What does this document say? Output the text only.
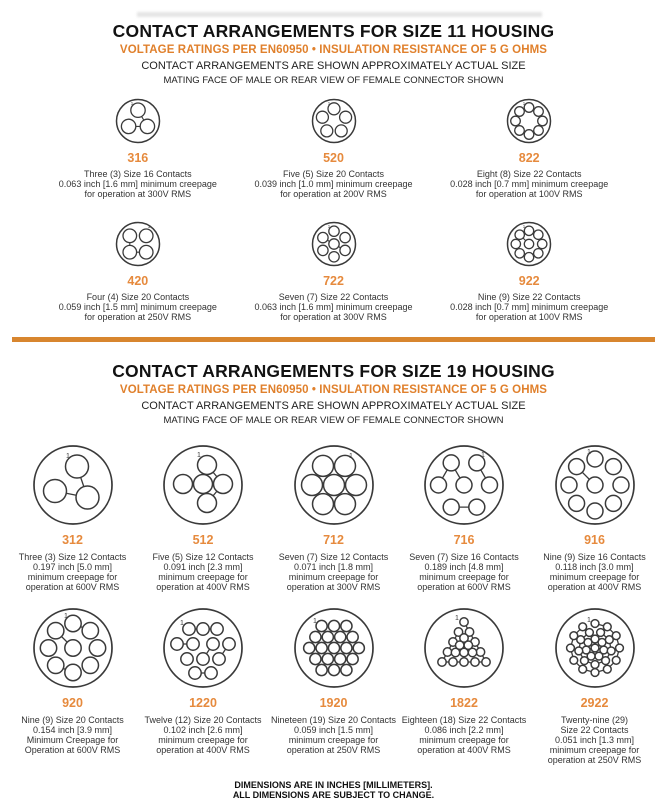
CONTACT ARRANGEMENTS FOR SIZE 11 HOUSING
VOLTAGE RATINGS PER EN60950 • INSULATION RESISTANCE OF 5 G OHMS
CONTACT ARRANGEMENTS ARE SHOWN APPROXIMATELY ACTUAL SIZE
MATING FACE OF MALE OR REAR VIEW OF FEMALE CONNECTOR SHOWN
1
316
Three (3) Size 16 Contacts
0.063 inch [1.6 mm] minimum creepage
for operation at 300V RMS
1
520
Five (5) Size 20 Contacts
0.039 inch [1.0 mm] minimum creepage
for operation at 200V RMS
1
822
Eight (8) Size 22 Contacts
0.028 inch [0.7 mm] minimum creepage
for operation at 100V RMS
1
420
Four (4) Size 20 Contacts
0.059 inch [1.5 mm] minimum creepage
for operation at 250V RMS
1
722
Seven (7) Size 22 Contacts
0.063 inch [1.6 mm] minimum creepage
for operation at 300V RMS
1
922
Nine (9) Size 22 Contacts
0.028 inch [0.7 mm] minimum creepage
for operation at 100V RMS
CONTACT ARRANGEMENTS FOR SIZE 19 HOUSING
VOLTAGE RATINGS PER EN60950 • INSULATION RESISTANCE OF 5 G OHMS
CONTACT ARRANGEMENTS ARE SHOWN APPROXIMATELY ACTUAL SIZE
MATING FACE OF MALE OR REAR VIEW OF FEMALE CONNECTOR SHOWN
1
312
Three (3) Size 12 Contacts
0.197 inch [5.0 mm]
minimum creepage for
operation at 600V RMS
1
512
Five (5) Size 12 Contacts
0.091 inch [2.3 mm]
minimum creepage for
operation at 400V RMS
1
712
Seven (7) Size 12 Contacts
0.071 inch [1.8 mm]
minimum creepage for
operation at 300V RMS
1
716
Seven (7) Size 16 Contacts
0.189 inch [4.8 mm]
minimum creepage for
operation at 600V RMS
1
916
Nine (9) Size 16 Contacts
0.118 inch [3.0 mm]
minimum creepage for
operation at 400V RMS
1
920
Nine (9) Size 20 Contacts
0.154 inch [3.9 mm]
Minimum Creepage for
Operation at 600V RMS
1
1220
Twelve (12) Size 20 Contacts
0.102 inch [2.6 mm]
minimum creepage for
operation at 400V RMS
1
1920
Nineteen (19) Size 20 Contacts
0.059 inch [1.5 mm]
minimum creepage for
operation at 250V RMS
1
1822
Eighteen (18) Size 22 Contacts
0.086 inch [2.2 mm]
minimum creepage for
operation at 400V RMS
1
2922
Twenty-nine (29)
Size 22 Contacts
0.051 inch [1.3 mm]
minimum creepage for
operation at 250V RMS
DIMENSIONS ARE IN INCHES [MILLIMETERS].
ALL DIMENSIONS ARE SUBJECT TO CHANGE.
